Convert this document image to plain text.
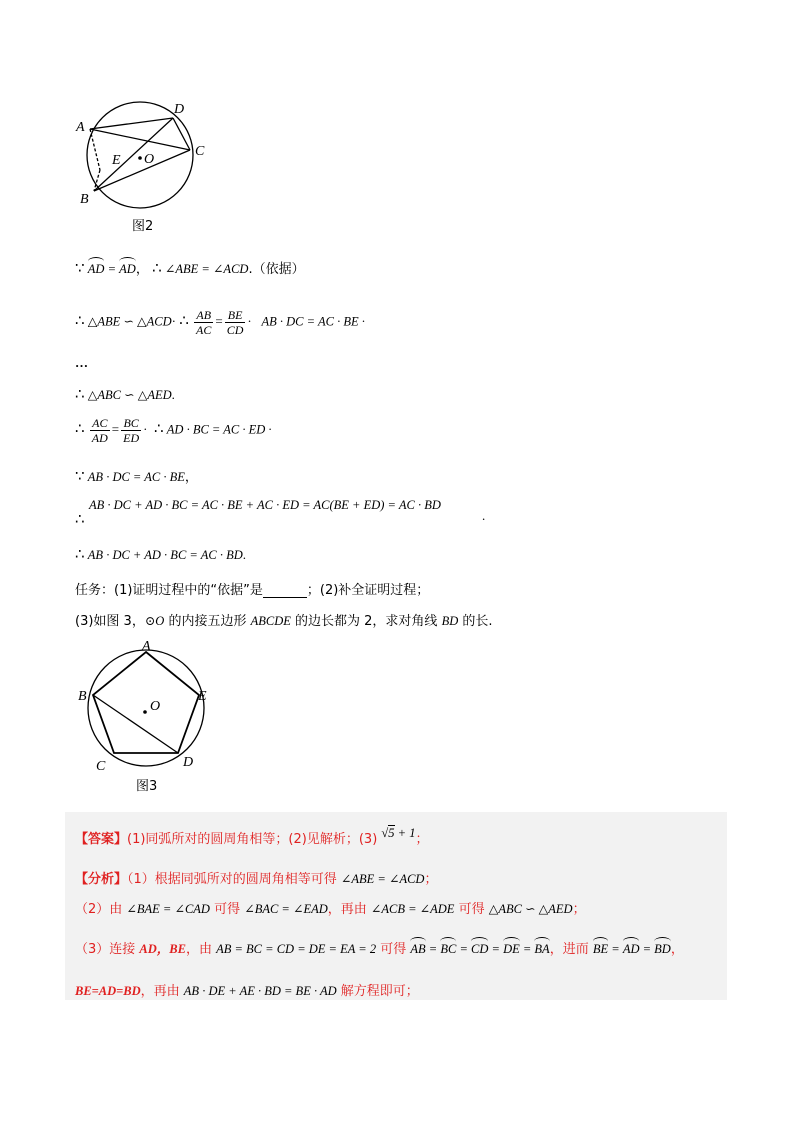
A
D
C
E O
B
图2
∵ AD = AD， ∴ ∠ABE = ∠ACD.（依据）
∴ △ABE ∽ △ACD· ∴ $\frac{AB}{AC} = \frac{BE}{CD}$ · AB · DC = AC · BE ·
…
∴ △ABC ∽ △AED.
∴ $\frac{AC}{AD} = \frac{BC}{ED}$ · ∴ AD · BC = AC · ED ·
∵ AB · DC = AC · BE，
AB · DC + AD · BC = AC · BE + AC · ED = AC(BE + ED) = AC · BD
∴	.
∴ AB · DC + AD · BC = AC · BD.
任务：(1)证明过程中的“依据”是	；(2)补全证明过程；
(3)如图 3，⊙O 的内接五边形 ABCDE 的边长都为 2，求对角线 BD 的长.
A
B	E
O
D
C
图3
【答案】(1)同弧所对的圆周角相等；(2)见解析；(3) √5 + 1；
【分析】（1）根据同弧所对的圆周角相等可得 ∠ABE = ∠ACD；
（2）由 ∠BAE = ∠CAD 可得 ∠BAC = ∠EAD，再由 ∠ACB = ∠ADE 可得 △ABC ∽ △AED；
（3）连接 AD，BE，由 AB = BC = CD = DE = EA = 2 可得 AB = BC = CD = DE = BA，进而 BE = AD = BD，
BE=AD=BD，再由 AB · DE + AE · BD = BE · AD 解方程即可；
